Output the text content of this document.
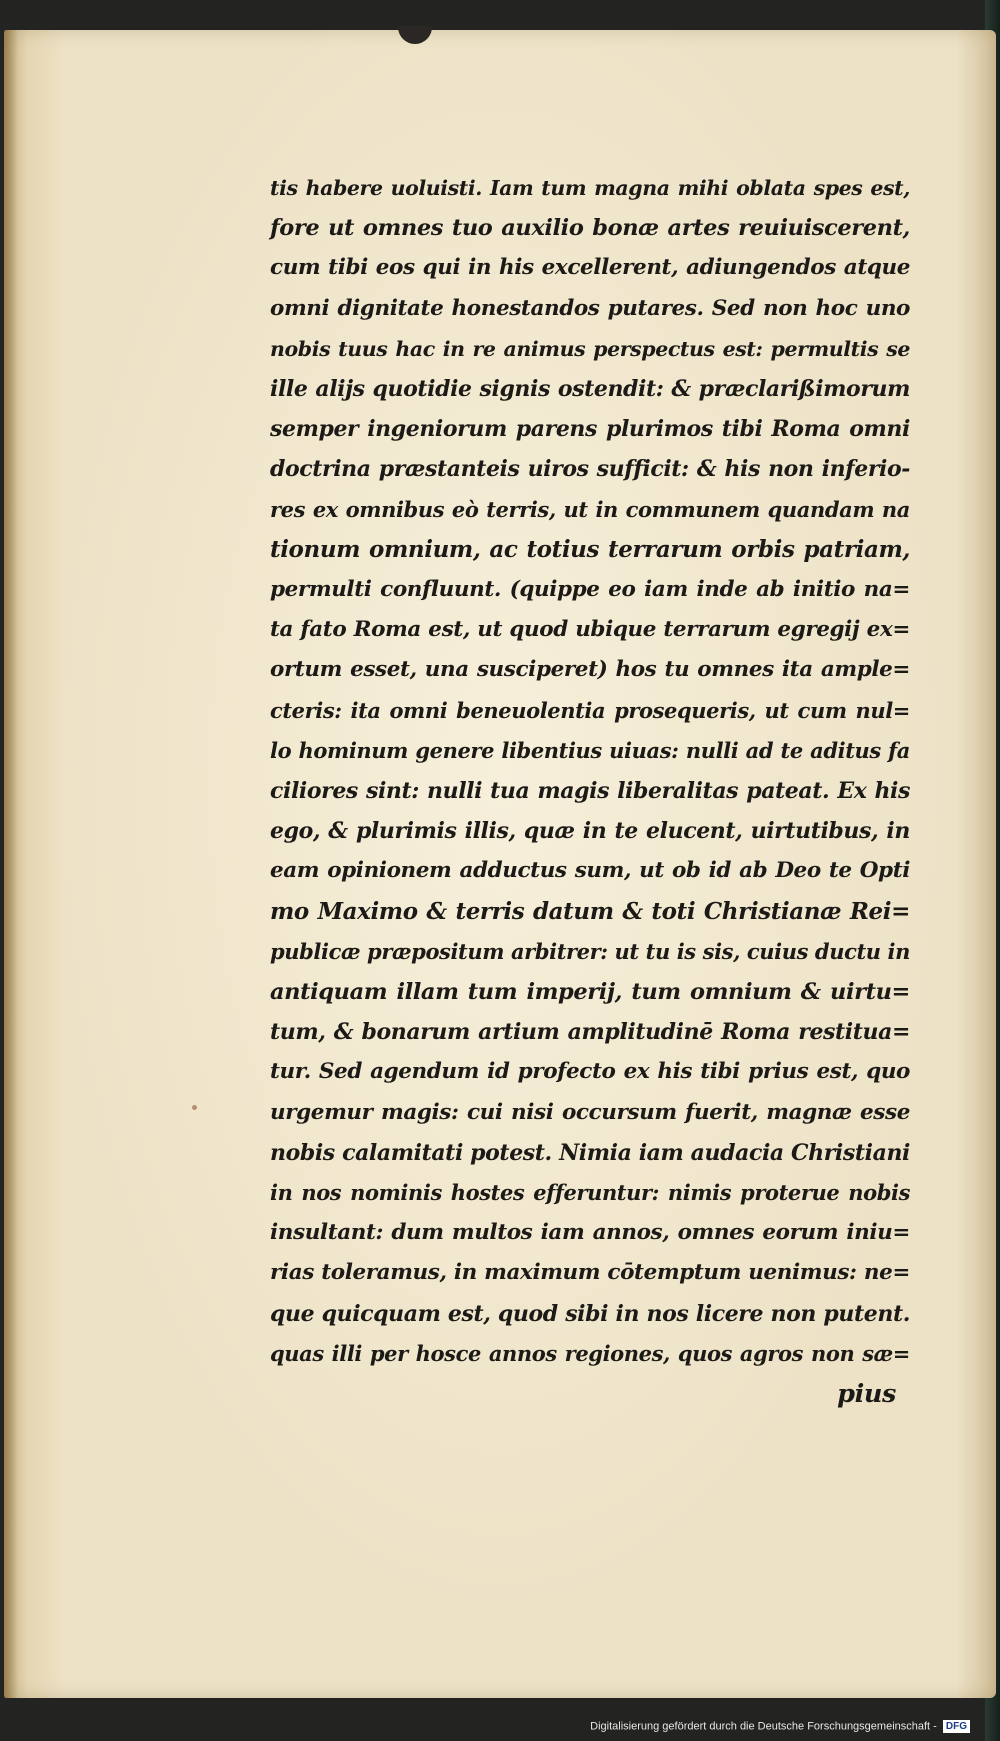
tis habere uoluisti. Iam tum magna mihi oblata spes est,
fore ut omnes tuo auxilio bonæ artes reuiuiscerent,
cum tibi eos qui in his excellerent, adiungendos atque
omni dignitate honestandos putares. Sed non hoc uno
nobis tuus hac in re animus perspectus est: permultis se
ille alijs quotidie signis ostendit: & præclarißimorum
semper ingeniorum parens plurimos tibi Roma omni
doctrina præstanteis uiros sufficit: & his non inferio-
res ex omnibus eò terris, ut in communem quandam na
tionum omnium, ac totius terrarum orbis patriam,
permulti confluunt. (quippe eo iam inde ab initio na=
ta fato Roma est, ut quod ubique terrarum egregij ex=
ortum esset, una susciperet) hos tu omnes ita ample=
cteris: ita omni beneuolentia prosequeris, ut cum nul=
lo hominum genere libentius uiuas: nulli ad te aditus fa
ciliores sint: nulli tua magis liberalitas pateat. Ex his
ego, & plurimis illis, quæ in te elucent, uirtutibus, in
eam opinionem adductus sum, ut ob id ab Deo te Opti
mo Maximo & terris datum & toti Christianæ Rei=
publicæ præpositum arbitrer: ut tu is sis, cuius ductu in
antiquam illam tum imperij, tum omnium & uirtu=
tum, & bonarum artium amplitudinē Roma restitua=
tur. Sed agendum id profecto ex his tibi prius est, quo
urgemur magis: cui nisi occursum fuerit, magnæ esse
nobis calamitati potest. Nimia iam audacia Christiani
in nos nominis hostes efferuntur: nimis proterue nobis
insultant: dum multos iam annos, omnes eorum iniu=
rias toleramus, in maximum cōtemptum uenimus: ne=
que quicquam est, quod sibi in nos licere non putent.
quas illi per hosce annos regiones, quos agros non sæ=
pius
Digitalisierung gefördert durch die Deutsche Forschungsgemeinschaft - DFG
